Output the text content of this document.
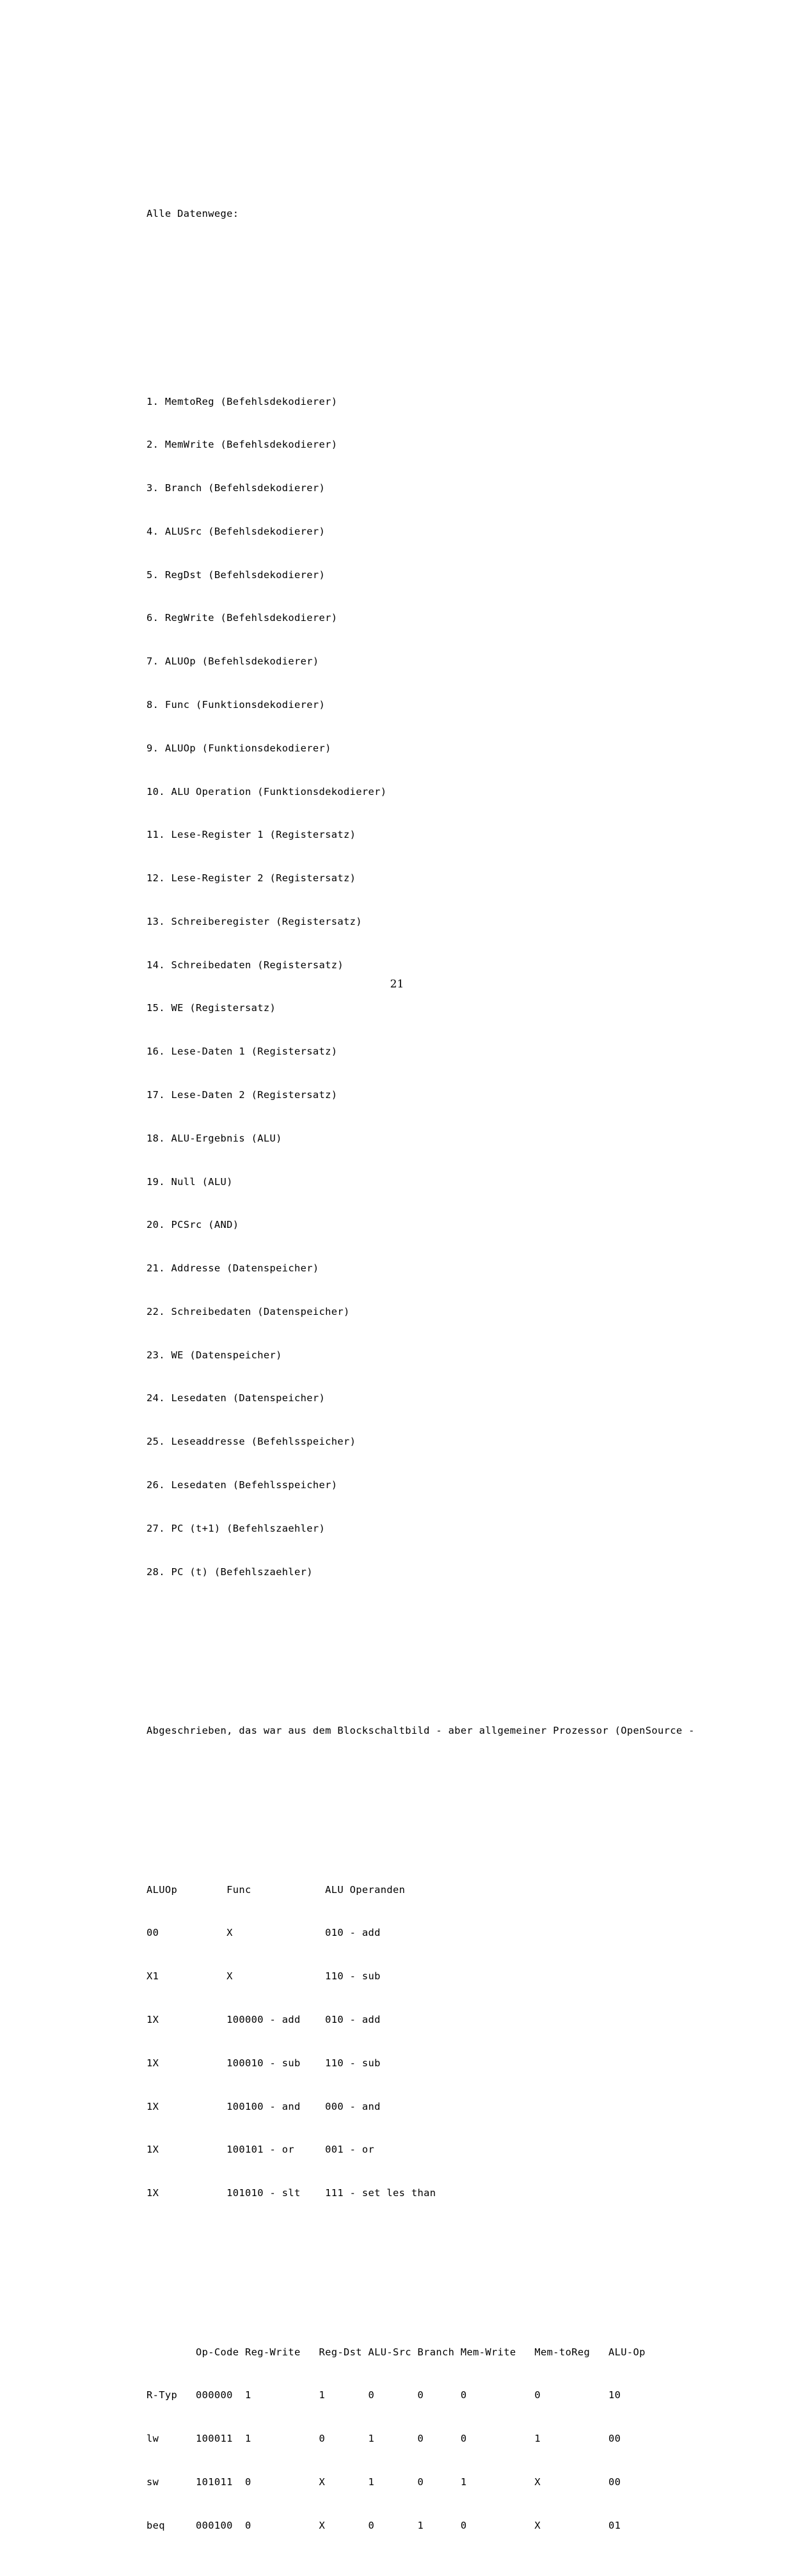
Alle Datenwege:

1. MemtoReg (Befehlsdekodierer)

2. MemWrite (Befehlsdekodierer)

3. Branch (Befehlsdekodierer)

4. ALUSrc (Befehlsdekodierer)

5. RegDst (Befehlsdekodierer)

6. RegWrite (Befehlsdekodierer)

7. ALUOp (Befehlsdekodierer)

8. Func (Funktionsdekodierer)

9. ALUOp (Funktionsdekodierer)

10. ALU Operation (Funktionsdekodierer)

11. Lese-Register 1 (Registersatz)

12. Lese-Register 2 (Registersatz)

13. Schreiberegister (Registersatz)

14. Schreibedaten (Registersatz)

15. WE (Registersatz)

16. Lese-Daten 1 (Registersatz)

17. Lese-Daten 2 (Registersatz)

18. ALU-Ergebnis (ALU)

19. Null (ALU)

20. PCSrc (AND)

21. Addresse (Datenspeicher)

22. Schreibedaten (Datenspeicher)

23. WE (Datenspeicher)

24. Lesedaten (Datenspeicher)

25. Leseaddresse (Befehlsspeicher)

26. Lesedaten (Befehlsspeicher)

27. PC (t+1) (Befehlszaehler)

28. PC (t) (Befehlszaehler)

Abgeschrieben, das war aus dem Blockschaltbild - aber allgemeiner Prozessor (OpenSource -

ALUOp        Func            ALU Operanden

00           X               010 - add

X1           X               110 - sub

1X           100000 - add    010 - add

1X           100010 - sub    110 - sub

1X           100100 - and    000 - and

1X           100101 - or     001 - or

1X           101010 - slt    111 - set les than

Op-Code Reg-Write   Reg-Dst ALU-Src Branch Mem-Write   Mem-toReg   ALU-Op

R-Typ   000000  1           1       0       0      0           0           10

lw      100011  1           0       1       0      0           1           00

sw      101011  0           X       1       0      1           X           00

beq     000100  0           X       0       1      0           X           01

21
